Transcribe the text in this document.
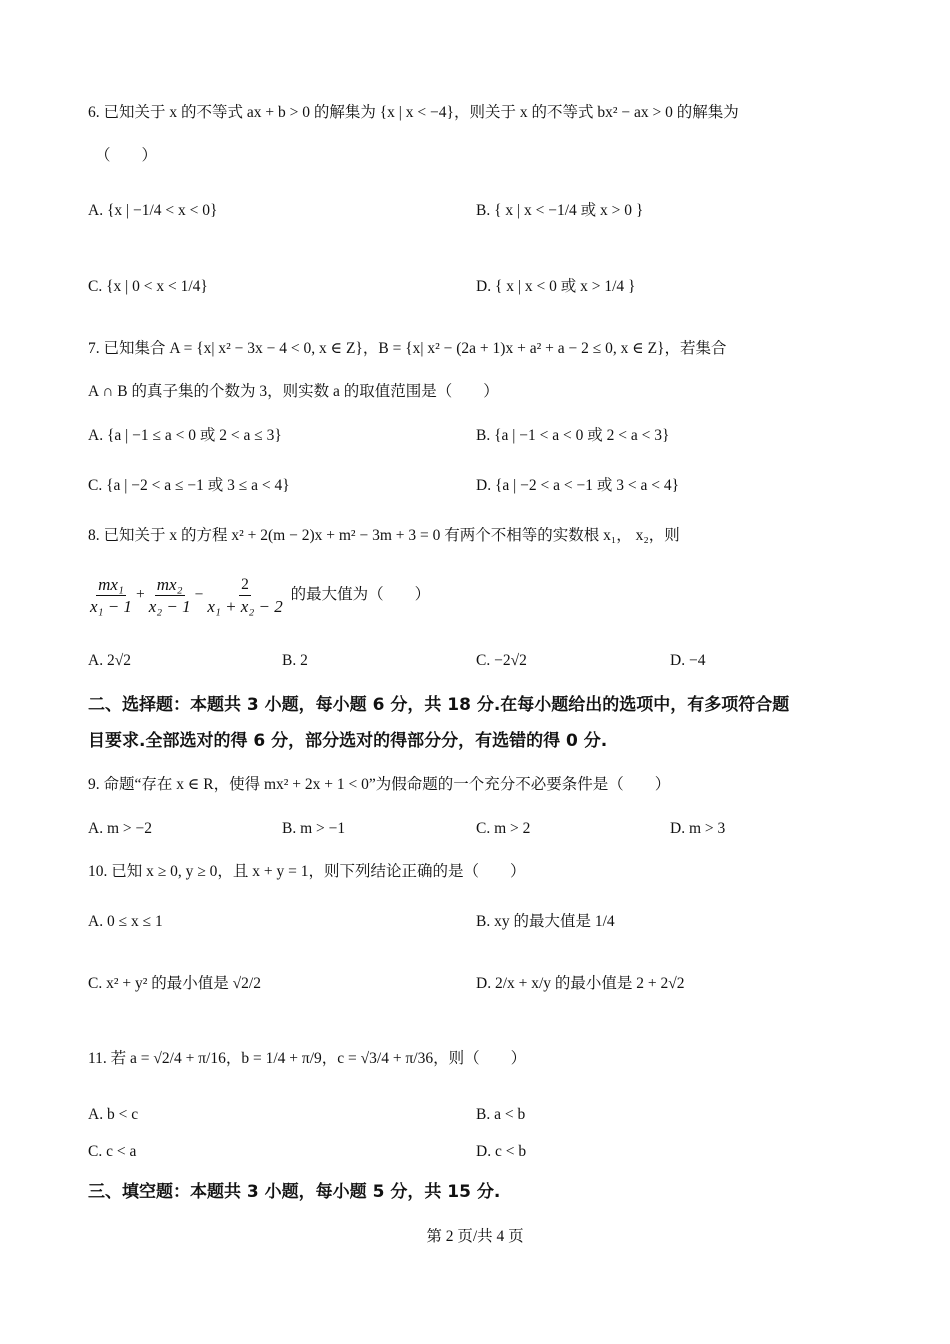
6. 已知关于 x 的不等式 ax + b > 0 的解集为 {x | x < −4}，则关于 x 的不等式 bx² − ax > 0 的解集为
（　　）
A. {x | −1/4 < x < 0}	B. { x | x < −1/4 或 x > 0 }
C. {x | 0 < x < 1/4}	D. { x | x < 0 或 x > 1/4 }
7. 已知集合 A = {x| x² − 3x − 4 < 0, x ∈ Z}，B = {x| x² − (2a + 1)x + a² + a − 2 ≤ 0, x ∈ Z}，若集合
A ∩ B 的真子集的个数为 3，则实数 a 的取值范围是（　　）
A. {a | −1 ≤ a < 0 或 2 < a ≤ 3}	B. {a | −1 < a < 0 或 2 < a < 3}
C. {a | −2 < a ≤ −1 或 3 ≤ a < 4}	D. {a | −2 < a < −1 或 3 < a < 4}
8. 已知关于 x 的方程 x² + 2(m − 2)x + m² − 3m + 3 = 0 有两个不相等的实数根 x₁， x₂，则
$\frac{\text{mx₁}}{\text{x₁ − 1}} + \frac{\text{mx₂}}{\text{x₂ − 1}} - \frac{2}{\text{x₁ + x₂ − 2}}$ 的最大值为（　　）
A. 2√2	B. 2	C. −2√2	D. −4
二、选择题：本题共 3 小题，每小题 6 分，共 18 分.在每小题给出的选项中，有多项符合题
目要求.全部选对的得 6 分，部分选对的得部分分，有选错的得 0 分.
9. 命题“存在 x ∈ R，使得 mx² + 2x + 1 < 0”为假命题的一个充分不必要条件是（　　）
A. m > −2	B. m > −1	C. m > 2	D. m > 3
10. 已知 x ≥ 0, y ≥ 0，且 x + y = 1，则下列结论正确的是（　　）
A. 0 ≤ x ≤ 1	B. xy 的最大值是 1/4
C. x² + y² 的最小值是 √2/2	D. 2/x + x/y 的最小值是 2 + 2√2
11. 若 a = √2/4 + π/16，b = 1/4 + π/9，c = √3/4 + π/36，则（　　）
A. b < c	B. a < b
C. c < a	D. c < b
三、填空题：本题共 3 小题，每小题 5 分，共 15 分.
第 2 页/共 4 页
